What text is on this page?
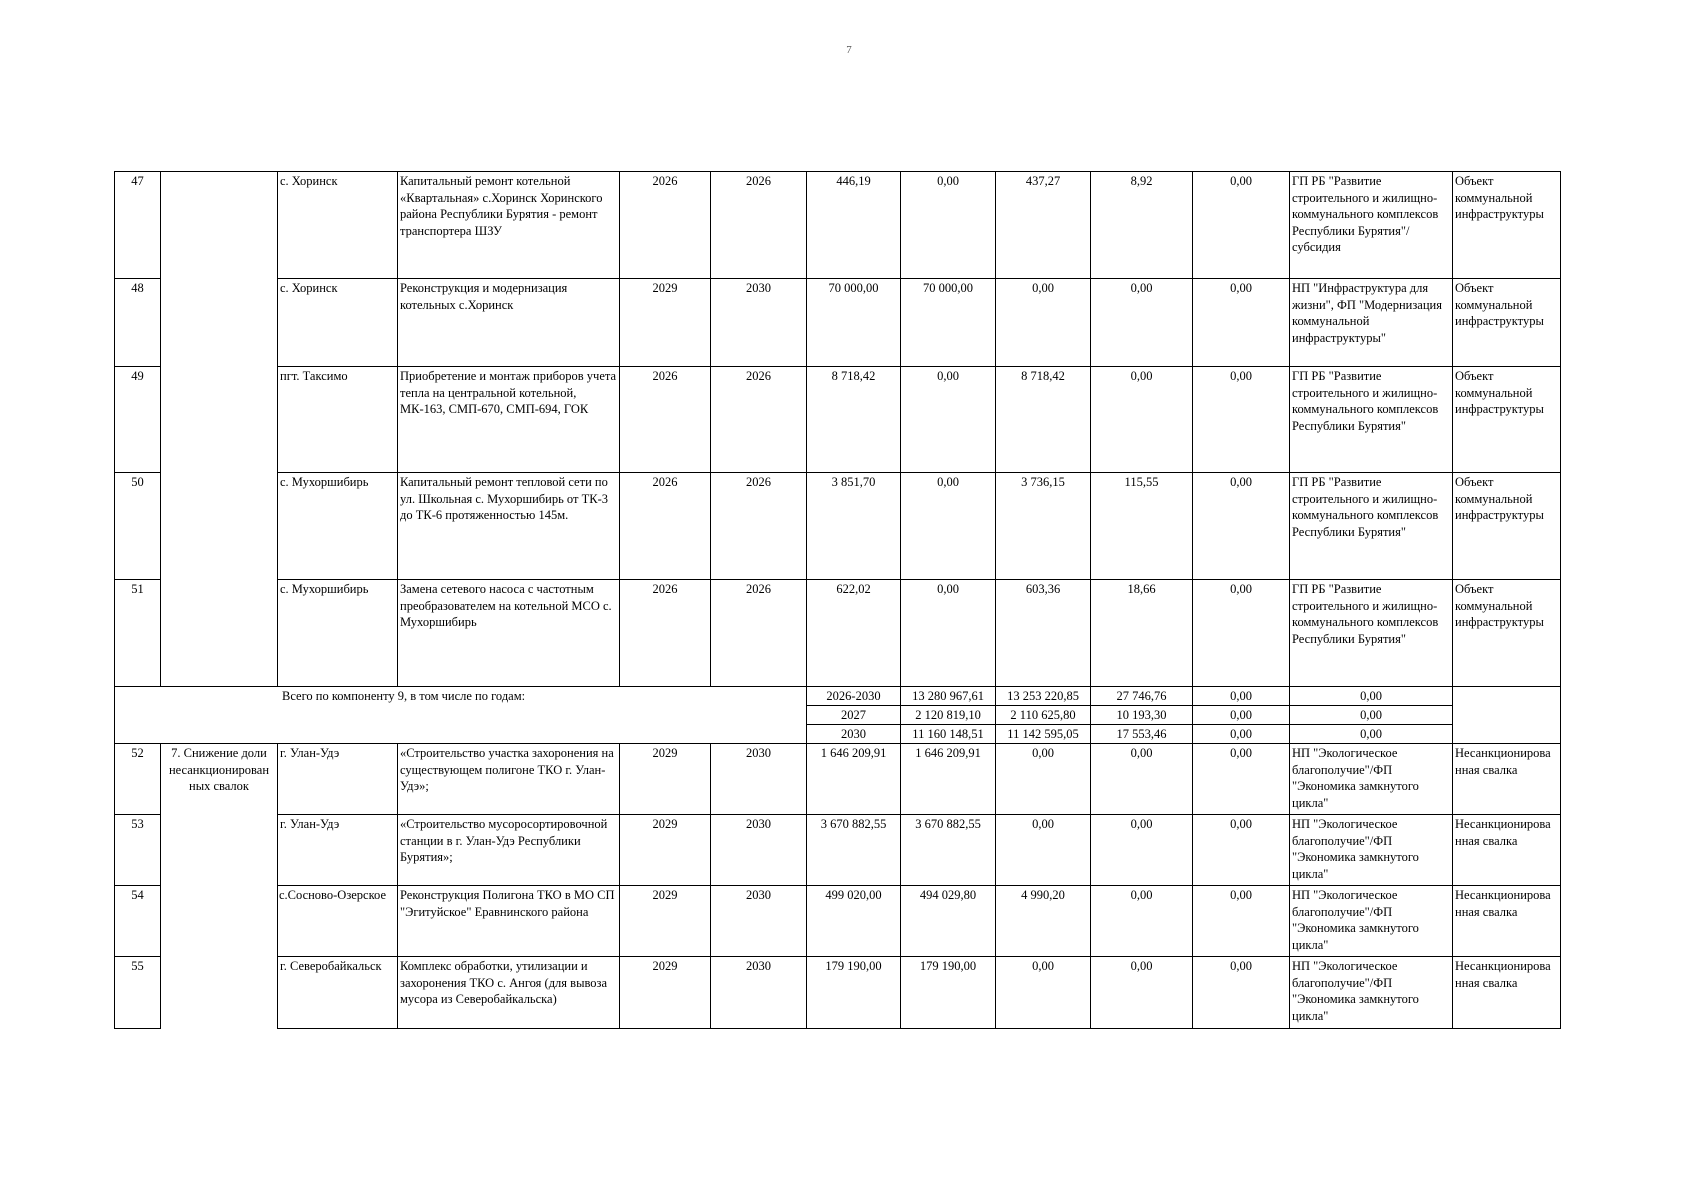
7
47		с. Хоринск	Капитальный ремонт котельной «Квартальная» с.Хоринск Хоринского района Республики Бурятия - ремонт транспортера ШЗУ	2026	2026	446,19	0,00	437,27	8,92	0,00	ГП РБ "Развитие строительного и жилищно-коммунального комплексов Республики Бурятия"/субсидия	Объект коммунальной инфраструктуры
48		с. Хоринск	Реконструкция и модернизация котельных с.Хоринск	2029	2030	70 000,00	70 000,00	0,00	0,00	0,00	НП "Инфраструктура для жизни", ФП "Модернизация коммунальной инфраструктуры"	Объект коммунальной инфраструктуры
49		пгт. Таксимо	Приобретение и монтаж приборов учета тепла на центральной котельной, МК-163, СМП-670, СМП-694, ГОК	2026	2026	8 718,42	0,00	8 718,42	0,00	0,00	ГП РБ "Развитие строительного и жилищно-коммунального комплексов Республики Бурятия"	Объект коммунальной инфраструктуры
50		с. Мухоршибирь	Капитальный ремонт тепловой сети по ул. Школьная с. Мухоршибирь от ТК-3 до ТК-6 протяженностью 145м.	2026	2026	3 851,70	0,00	3 736,15	115,55	0,00	ГП РБ "Развитие строительного и жилищно-коммунального комплексов Республики Бурятия"	Объект коммунальной инфраструктуры
51		с. Мухоршибирь	Замена сетевого насоса с частотным преобразователем на котельной МСО с. Мухоршибирь	2026	2026	622,02	0,00	603,36	18,66	0,00	ГП РБ "Развитие строительного и жилищно-коммунального комплексов Республики Бурятия"	Объект коммунальной инфраструктуры

Всего по компоненту 9, в том числе по годам:						2026-2030	13 280 967,61	13 253 220,85	27 746,76	0,00	0,00	
						2027	2 120 819,10	2 110 625,80	10 193,30	0,00	0,00	
						2030	11 160 148,51	11 142 595,05	17 553,46	0,00	0,00	
52	7. Снижение доли несанкционирован ных свалок	г. Улан-Удэ	«Строительство участка захоронения на существующем полигоне ТКО г. Улан-Удэ»;	2029	2030	1 646 209,91	1 646 209,91	0,00	0,00	0,00	НП "Экологическое благополучие"/ФП "Экономика замкнутого цикла"	Несанкционирова нная свалка
53		г. Улан-Удэ	«Строительство мусоросортировочной станции в г. Улан-Удэ Республики Бурятия»;	2029	2030	3 670 882,55	3 670 882,55	0,00	0,00	0,00	НП "Экологическое благополучие"/ФП "Экономика замкнутого цикла"	Несанкционирова нная свалка
54		с.Сосново-Озерское	Реконструкция Полигона ТКО в МО СП "Эгитуйское" Еравнинского района	2029	2030	499 020,00	494 029,80	4 990,20	0,00	0,00	НП "Экологическое благополучие"/ФП "Экономика замкнутого цикла"	Несанкционирова нная свалка
55		г. Северобайкальск	Комплекс обработки, утилизации и захоронения ТКО с. Ангоя (для вывоза мусора из Северобайкальска)	2029	2030	179 190,00	179 190,00	0,00	0,00	0,00	НП "Экологическое благополучие"/ФП "Экономика замкнутого цикла"	Несанкционирова нная свалка
